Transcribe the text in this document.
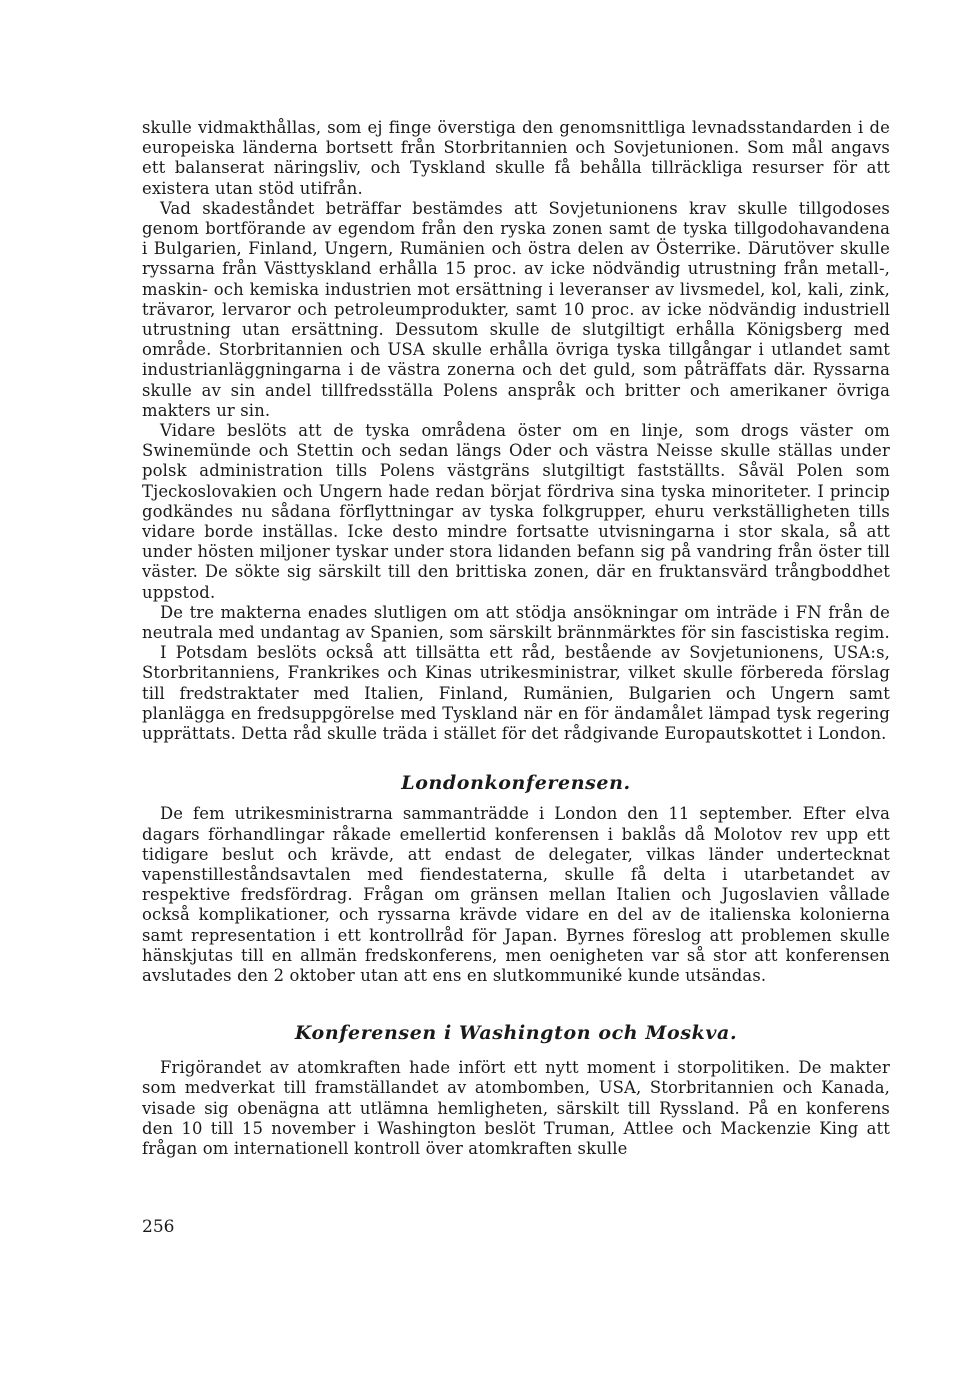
skulle vidmakthållas, som ej finge överstiga den genomsnittliga levnadsstandarden i de europeiska länderna bortsett från Storbritannien och Sovjetunionen. Som mål angavs ett balanserat näringsliv, och Tyskland skulle få behålla tillräckliga resurser för att existera utan stöd utifrån.

Vad skadeståndet beträffar bestämdes att Sovjetunionens krav skulle tillgodoses genom bortförande av egendom från den ryska zonen samt de tyska tillgodohavandena i Bulgarien, Finland, Ungern, Rumänien och östra delen av Österrike. Därutöver skulle ryssarna från Västtyskland erhålla 15 proc. av icke nödvändig utrustning från metall-, maskin- och kemiska industrien mot ersättning i leveranser av livsmedel, kol, kali, zink, trävaror, lervaror och petroleumprodukter, samt 10 proc. av icke nödvändig industriell utrustning utan ersättning. Dessutom skulle de slutgiltigt erhålla Königsberg med område. Storbritannien och USA skulle erhålla övriga tyska tillgångar i utlandet samt industrianläggningarna i de västra zonerna och det guld, som påträffats där. Ryssarna skulle av sin andel tillfredsställa Polens anspråk och britter och amerikaner övriga makters ur sin.

Vidare beslöts att de tyska områdena öster om en linje, som drogs väster om Swinemünde och Stettin och sedan längs Oder och västra Neisse skulle ställas under polsk administration tills Polens västgräns slutgiltigt fastställts. Såväl Polen som Tjeckoslovakien och Ungern hade redan börjat fördriva sina tyska minoriteter. I princip godkändes nu sådana förflyttningar av tyska folkgrupper, ehuru verkställigheten tills vidare borde inställas. Icke desto mindre fortsatte utvisningarna i stor skala, så att under hösten miljoner tyskar under stora lidanden befann sig på vandring från öster till väster. De sökte sig särskilt till den brittiska zonen, där en fruktansvärd trångboddhet uppstod.

De tre makterna enades slutligen om att stödja ansökningar om inträde i FN från de neutrala med undantag av Spanien, som särskilt brännmärktes för sin fascistiska regim.

I Potsdam beslöts också att tillsätta ett råd, bestående av Sovjetunionens, USA:s, Storbritanniens, Frankrikes och Kinas utrikesministrar, vilket skulle förbereda förslag till fredstraktater med Italien, Finland, Rumänien, Bulgarien och Ungern samt planlägga en fredsuppgörelse med Tyskland när en för ändamålet lämpad tysk regering upprättats. Detta råd skulle träda i stället för det rådgivande Europautskottet i London.

Londonkonferensen.

De fem utrikesministrarna sammanträdde i London den 11 september. Efter elva dagars förhandlingar råkade emellertid konferensen i baklås då Molotov rev upp ett tidigare beslut och krävde, att endast de delegater, vilkas länder undertecknat vapenstilleståndsavtalen med fiendestaterna, skulle få delta i utarbetandet av respektive fredsfördrag. Frågan om gränsen mellan Italien och Jugoslavien vållade också komplikationer, och ryssarna krävde vidare en del av de italienska kolonierna samt representation i ett kontrollråd för Japan. Byrnes föreslog att problemen skulle hänskjutas till en allmän fredskonferens, men oenigheten var så stor att konferensen avslutades den 2 oktober utan att ens en slutkommuniké kunde utsändas.

Konferensen i Washington och Moskva.

Frigörandet av atomkraften hade infört ett nytt moment i storpolitiken. De makter som medverkat till framställandet av atombomben, USA, Storbritannien och Kanada, visade sig obenägna att utlämna hemligheten, särskilt till Ryssland. På en konferens den 10 till 15 november i Washington beslöt Truman, Attlee och Mackenzie King att frågan om internationell kontroll över atomkraften skulle

256
